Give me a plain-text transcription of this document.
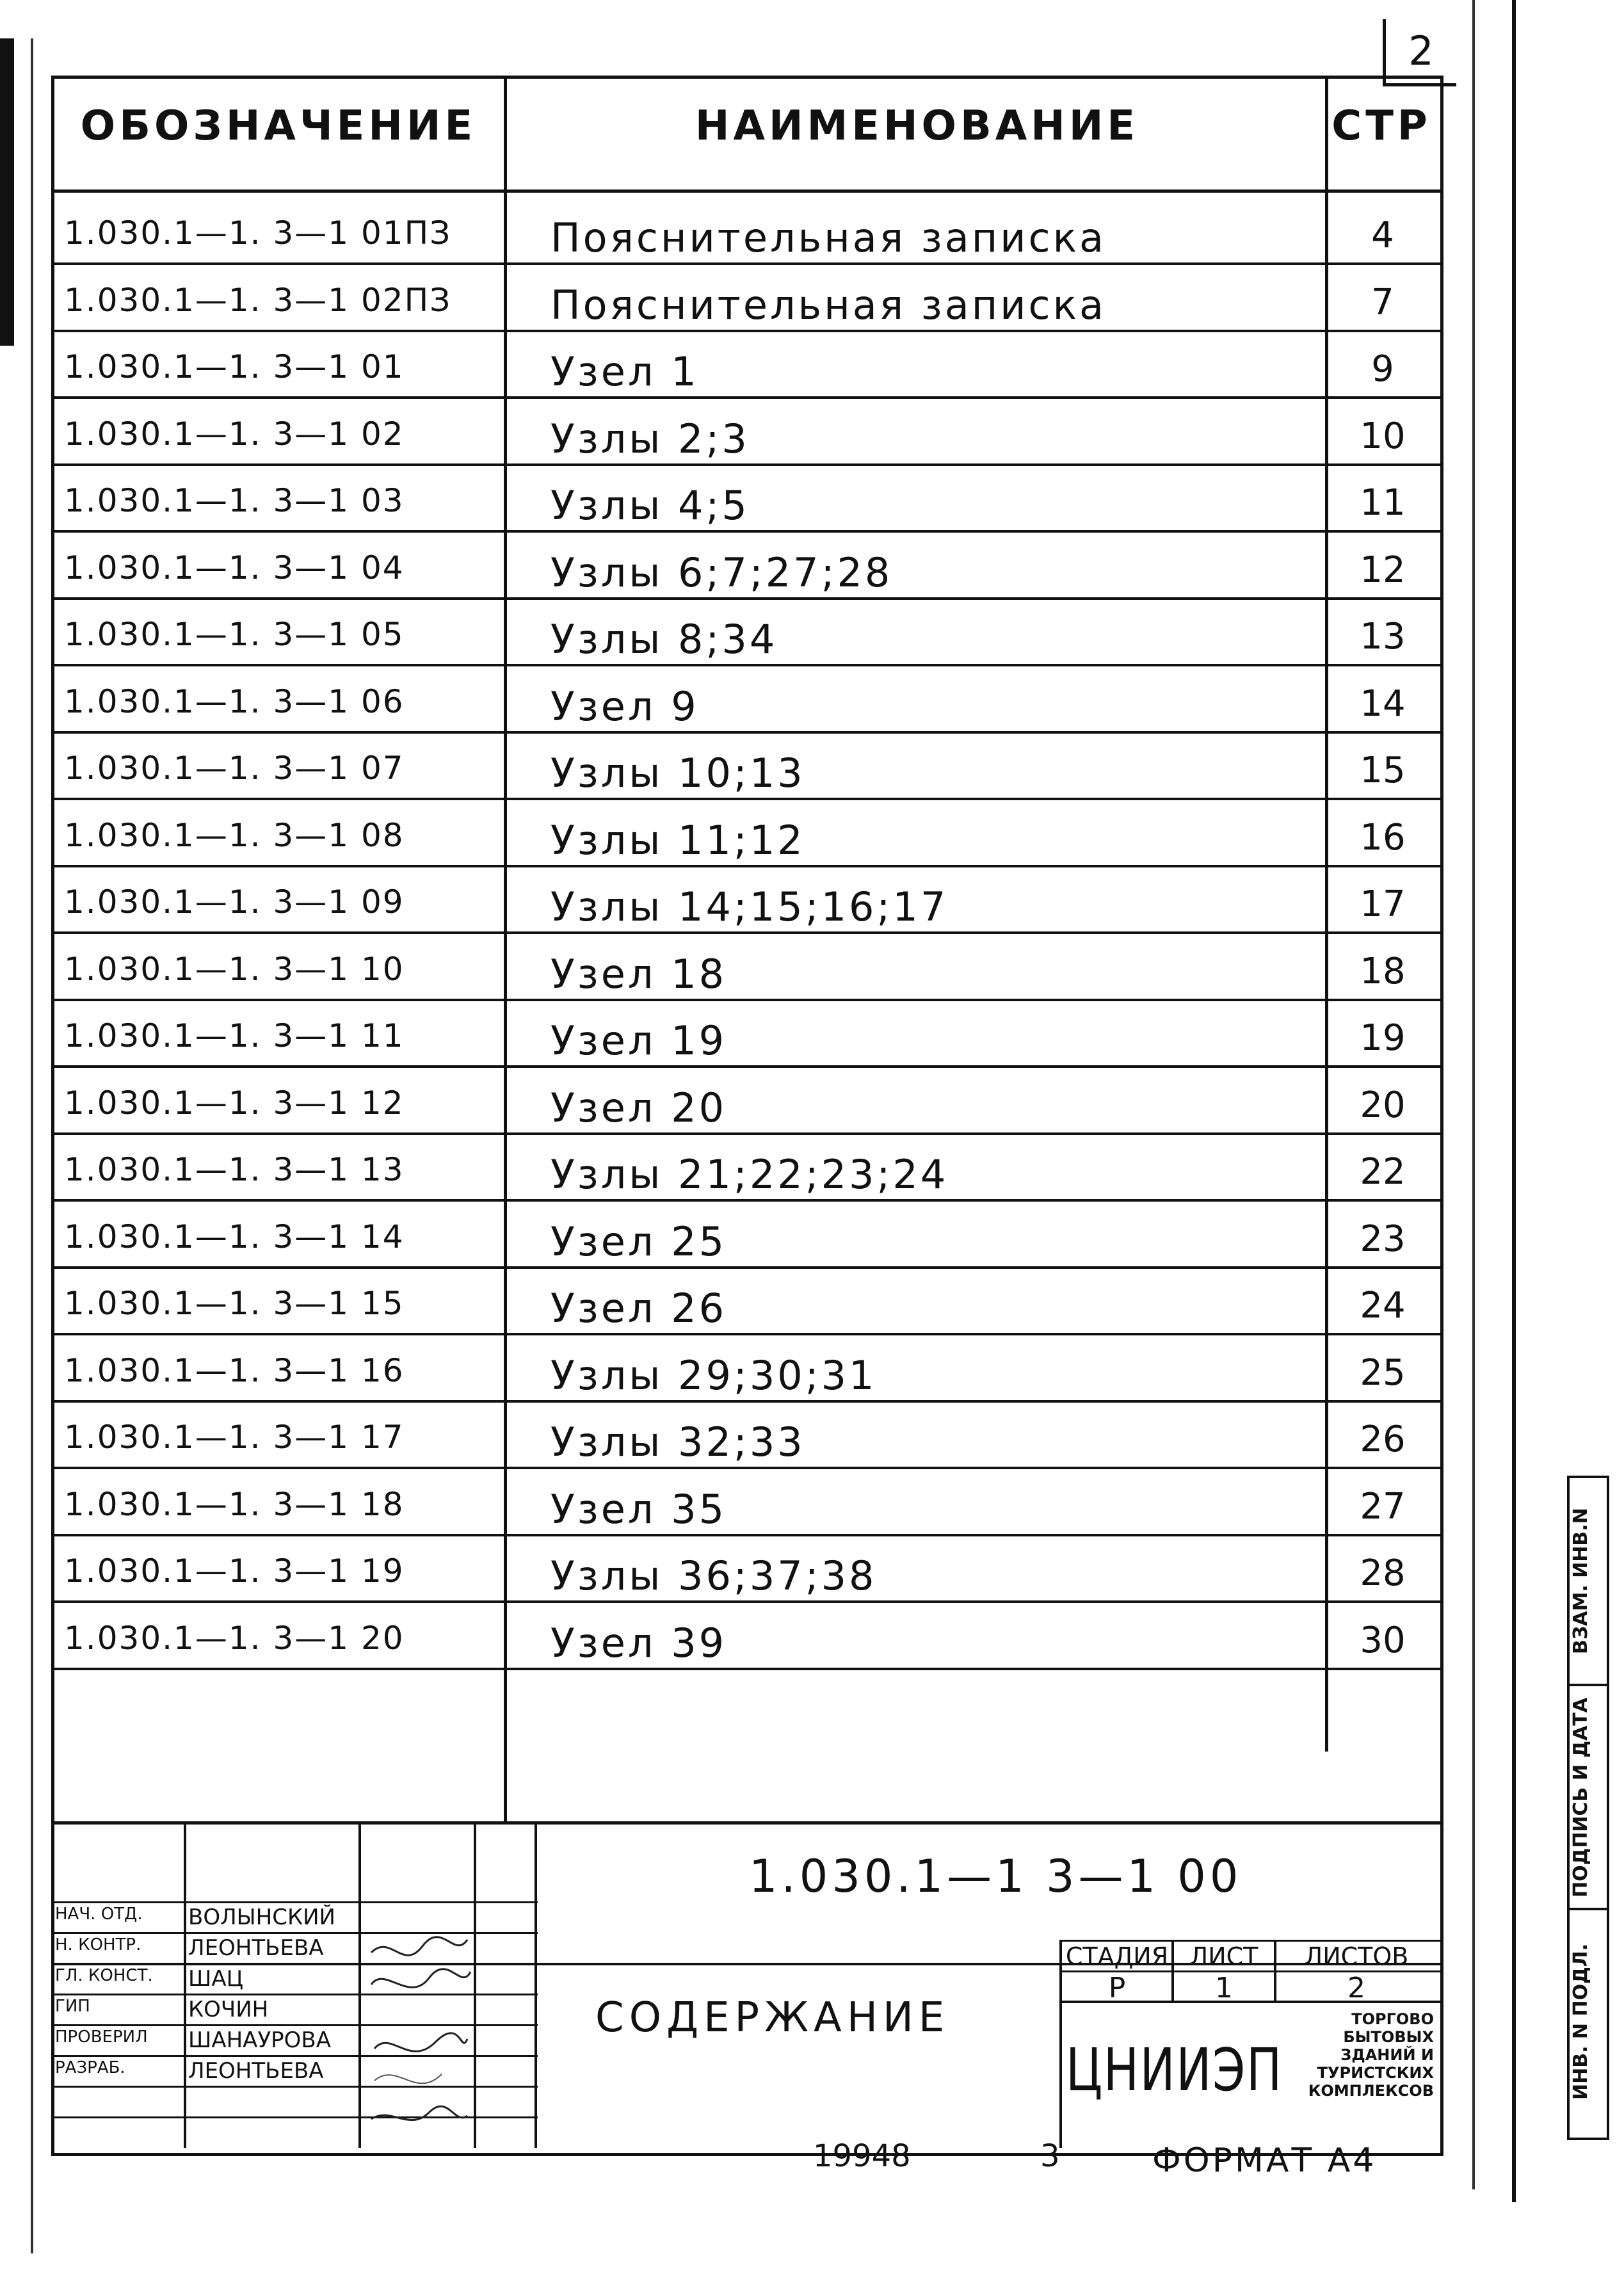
2
ОБОЗНАЧЕНИЕ	НАИМЕНОВАНИЕ	СТР
1.030.1—1. 3—1 01ПЗ	Пояснительная записка	4
1.030.1—1. 3—1 02ПЗ	Пояснительная записка	7
1.030.1—1. 3—1 01	Узел 1	9
1.030.1—1. 3—1 02	Узлы 2;3	10
1.030.1—1. 3—1 03	Узлы 4;5	11
1.030.1—1. 3—1 04	Узлы 6;7;27;28	12
1.030.1—1. 3—1 05	Узлы 8;34	13
1.030.1—1. 3—1 06	Узел 9	14
1.030.1—1. 3—1 07	Узлы 10;13	15
1.030.1—1. 3—1 08	Узлы 11;12	16
1.030.1—1. 3—1 09	Узлы 14;15;16;17	17
1.030.1—1. 3—1 10	Узел 18	18
1.030.1—1. 3—1 11	Узел 19	19
1.030.1—1. 3—1 12	Узел 20	20
1.030.1—1. 3—1 13	Узлы 21;22;23;24	22
1.030.1—1. 3—1 14	Узел 25	23
1.030.1—1. 3—1 15	Узел 26	24
1.030.1—1. 3—1 16	Узлы 29;30;31	25
1.030.1—1. 3—1 17	Узлы 32;33	26
1.030.1—1. 3—1 18	Узел 35	27
1.030.1—1. 3—1 19	Узлы 36;37;38	28
1.030.1—1. 3—1 20	Узел 39	30
1.030.1—1 3—1 00
СОДЕРЖАНИЕ
СТАДИЯ ЛИСТ	ЛИСТОВ
Р	1	2
ЦНИИЭП
ТОРГОВО БЫТОВЫХ ЗДАНИЙ И ТУРИСТСКИХ КОМПЛЕКСОВ
НАЧ. ОТД.	ВОЛЫНСКИЙ
Н. КОНТР.	ЛЕОНТЬЕВА
ГЛ. КОНСТ.	ШАЦ
ГИП	КОЧИН
ПРОВЕРИЛ	ШАНАУРОВА
РАЗРАБ.	ЛЕОНТЬЕВА
19948	3	ФОРМАТ А4
ВЗАМ. ИНВ.N
ПОДПИСЬ И ДАТА
ИНВ. N ПОДЛ.
